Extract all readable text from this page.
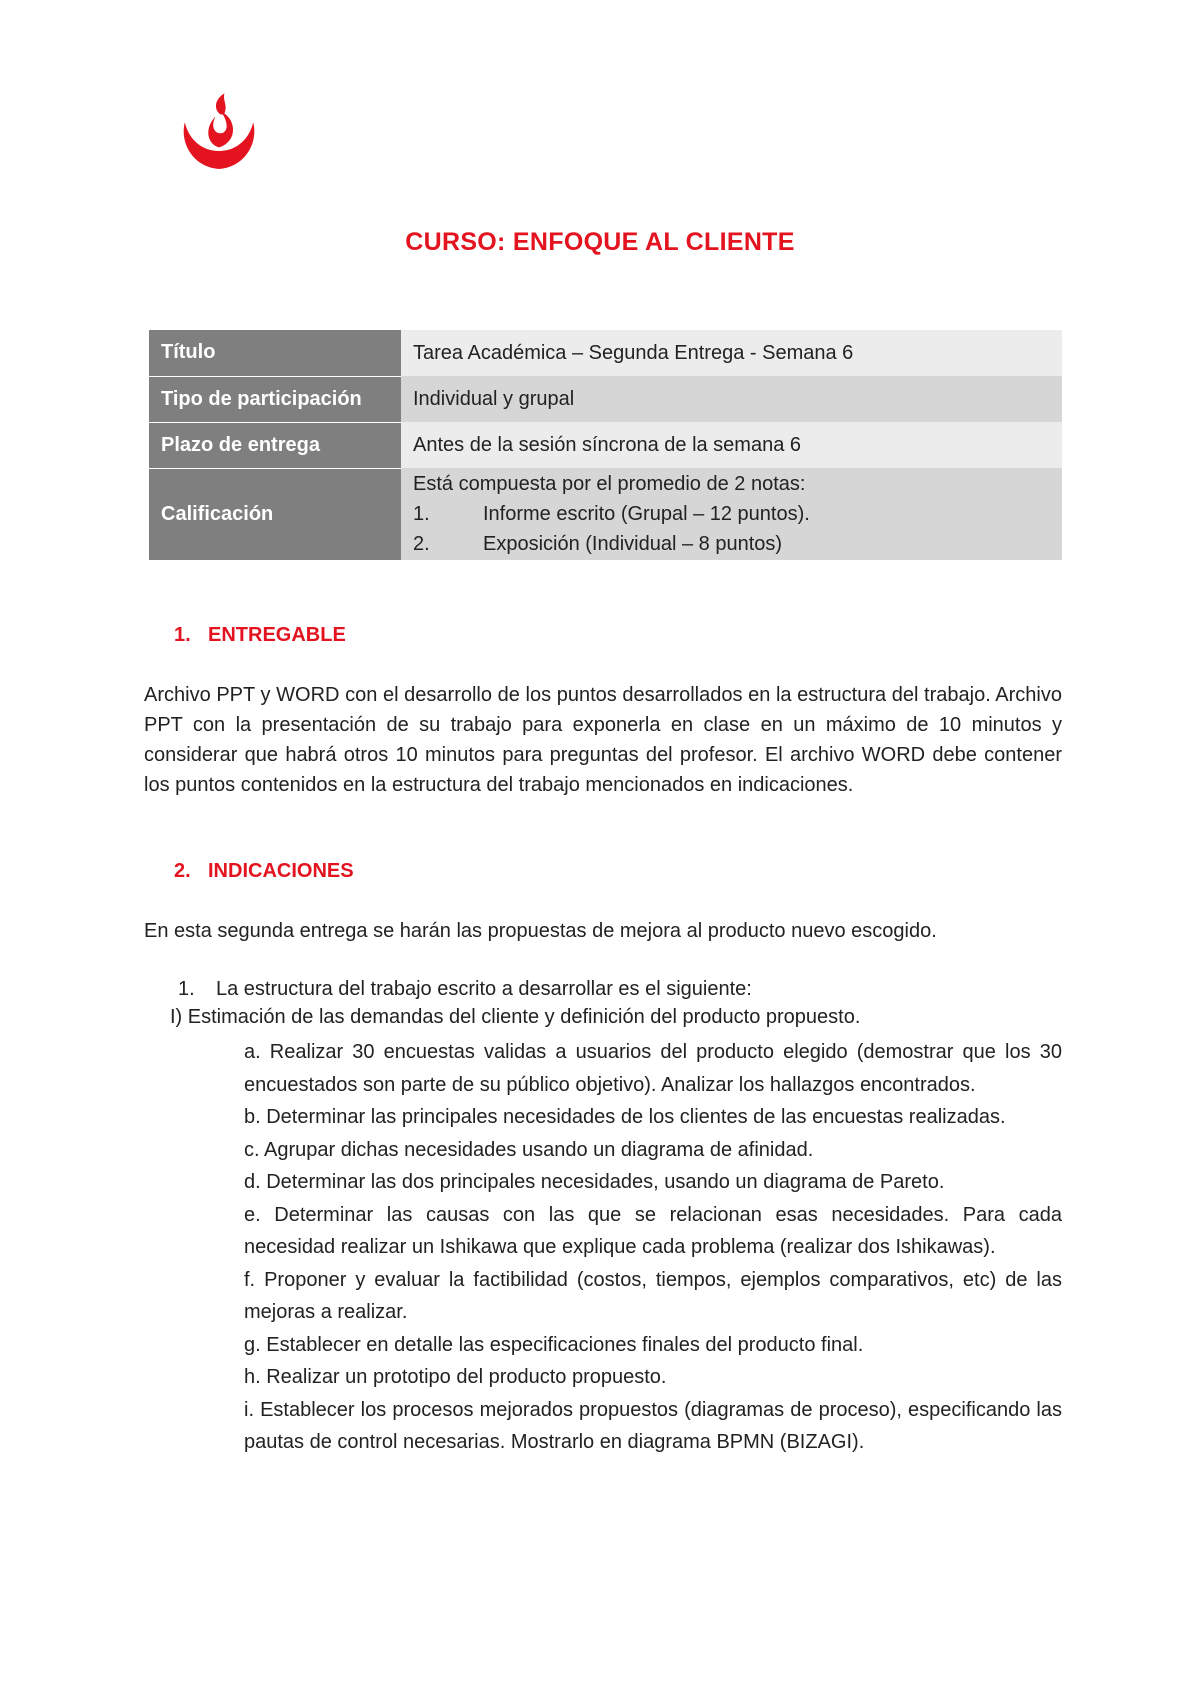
CURSO: ENFOQUE AL CLIENTE
Título	Tarea Académica – Segunda Entrega - Semana 6
Tipo de participación	Individual y grupal
Plazo de entrega	Antes de la sesión síncrona de la semana 6
Calificación	Está compuesta por el promedio de 2 notas:
1. Informe escrito (Grupal – 12 puntos).
2. Exposición (Individual – 8 puntos)
1. ENTREGABLE

Archivo PPT y WORD con el desarrollo de los puntos desarrollados en la estructura del trabajo. Archivo PPT con la presentación de su trabajo para exponerla en clase en un máximo de 10 minutos y considerar que habrá otros 10 minutos para preguntas del profesor. El archivo WORD debe contener los puntos contenidos en la estructura del trabajo mencionados en indicaciones.

2. INDICACIONES

En esta segunda entrega se harán las propuestas de mejora al producto nuevo escogido.

1. La estructura del trabajo escrito a desarrollar es el siguiente:
I) Estimación de las demandas del cliente y definición del producto propuesto.

a. Realizar 30 encuestas validas a usuarios del producto elegido (demostrar que los 30 encuestados son parte de su público objetivo). Analizar los hallazgos encontrados.

b. Determinar las principales necesidades de los clientes de las encuestas realizadas.

c. Agrupar dichas necesidades usando un diagrama de afinidad.

d. Determinar las dos principales necesidades, usando un diagrama de Pareto.

e. Determinar las causas con las que se relacionan esas necesidades. Para cada necesidad realizar un Ishikawa que explique cada problema (realizar dos Ishikawas).

f. Proponer y evaluar la factibilidad (costos, tiempos, ejemplos comparativos, etc) de las mejoras a realizar.

g. Establecer en detalle las especificaciones finales del producto final.

h. Realizar un prototipo del producto propuesto.

i. Establecer los procesos mejorados propuestos (diagramas de proceso), especificando las pautas de control necesarias. Mostrarlo en diagrama BPMN (BIZAGI).
